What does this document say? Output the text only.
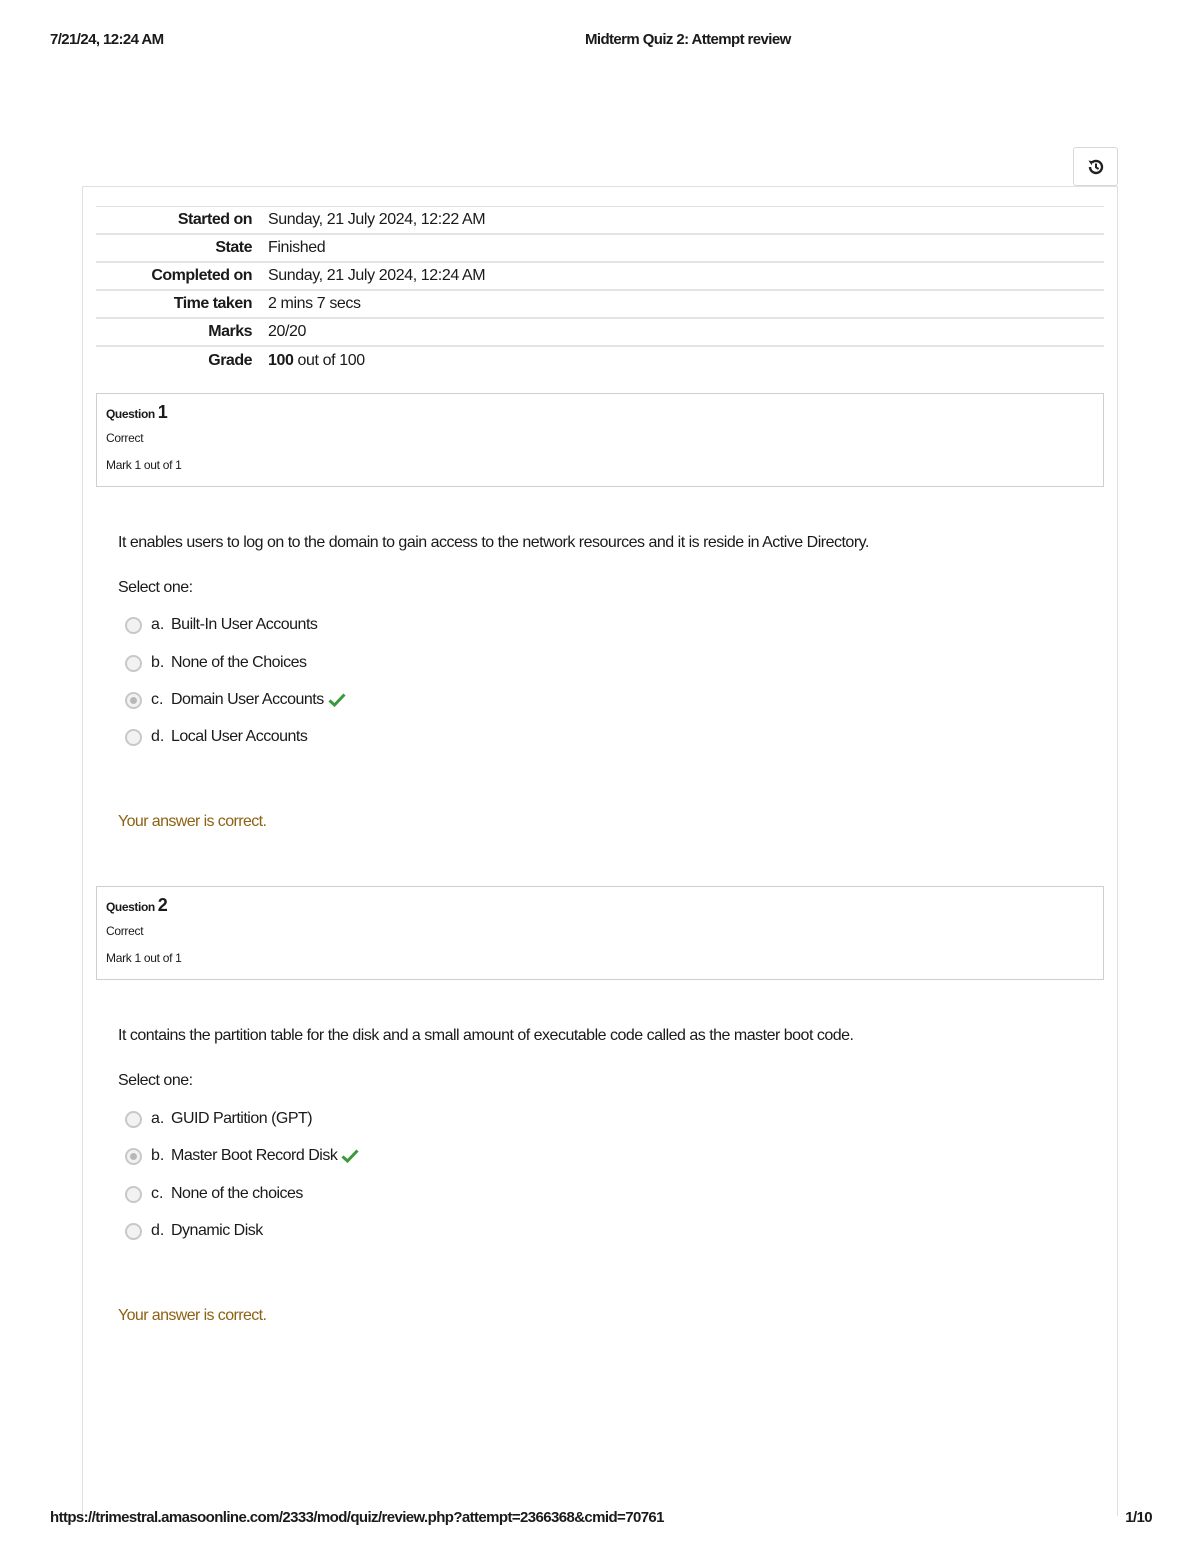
7/21/24, 12:24 AM	Midterm Quiz 2: Attempt review
Started on	Sunday, 21 July 2024, 12:22 AM
State	Finished
Completed on	Sunday, 21 July 2024, 12:24 AM
Time taken	2 mins 7 secs
Marks	20/20
Grade	100 out of 100
Question 1
Correct
Mark 1 out of 1
It enables users to log on to the domain to gain access to the network resources and it is reside in Active Directory.
Select one:
a. Built-In User Accounts
b. None of the Choices
c. Domain User Accounts
d. Local User Accounts
Your answer is correct.
Question 2
Correct
Mark 1 out of 1
It contains the partition table for the disk and a small amount of executable code called as the master boot code.
Select one:
a. GUID Partition (GPT)
b. Master Boot Record Disk
c. None of the choices
d. Dynamic Disk
Your answer is correct.
https://trimestral.amasoonline.com/2333/mod/quiz/review.php?attempt=2366368&cmid=70761	1/10
